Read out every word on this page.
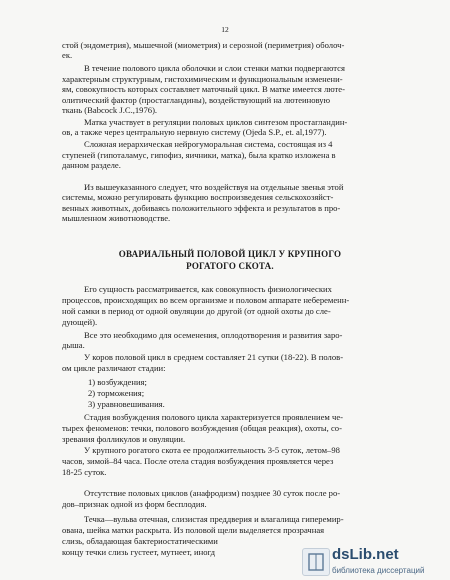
12
стой (эндометрия), мышечной (миометрия) и серозной (периметрия) оболоч-
ек.
В течение полового цикла оболочки и слои стенки матки подвергаются
характерным структурным, гистохимическим и функциональным изменени-
ям, совокупность которых составляет маточный цикл. В матке имеется люте-
олитический фактор (простагландины), воздействующий на лютеиновую
ткань (Babcock J.C.,1976).
Матка участвует в регуляции половых циклов синтезом простагландин-
ов, а также через центральную нервную систему (Ojeda S.P., et. al,1977).
Сложная иерархическая нейрогуморальная система, состоящая из 4
ступеней (гипоталамус, гипофиз, яичники, матка), была кратко изложена в
данном разделе.
Из вышеуказанного следует, что воздействуя на отдельные звенья этой
системы, можно регулировать функцию воспроизведения сельскохозяйст-
венных животных, добиваясь положительного эффекта и результатов в про-
мышленном животноводстве.
ОВАРИАЛЬНЫЙ ПОЛОВОЙ ЦИКЛ У КРУПНОГО
РОГАТОГО СКОТА.
Его сущность рассматривается, как совокупность физиологических
процессов, происходящих во всем организме и половом аппарате небеременн-
ной самки в период от одной овуляции до другой (от одной охоты до сле-
дующей).
Все это необходимо для осеменения, оплодотворения и развития заро-
дыша.
У коров половой цикл в среднем составляет 21 сутки (18-22). В полов-
ом цикле различают стадии:
1) возбуждения;
2) торможения;
3) уравновешивания.
Стадия возбуждения полового цикла характеризуется проявлением че-
тырех феноменов: течки, полового возбуждения (общая реакция), охоты, со-
зревания фолликулов и овуляции.
У крупного рогатого скота ее продолжительность 3-5 суток, летом–98
часов, зимой–84 часа. После отела стадия возбуждения проявляется через
18-25 суток.
Отсутствие половых циклов (анафродизм) позднее 30 суток после ро-
дов–признак одной из форм бесплодия.
Течка—вульва отечная, слизистая преддверия и влагалища гиперемир-
ована, шейка матки раскрыта. Из половой щели выделяется прозрачная
слизь, обладающая бактериостатическими
концу течки слизь густеет, мутнеет, иногд	dsLib.net
библиотека диссертаций
